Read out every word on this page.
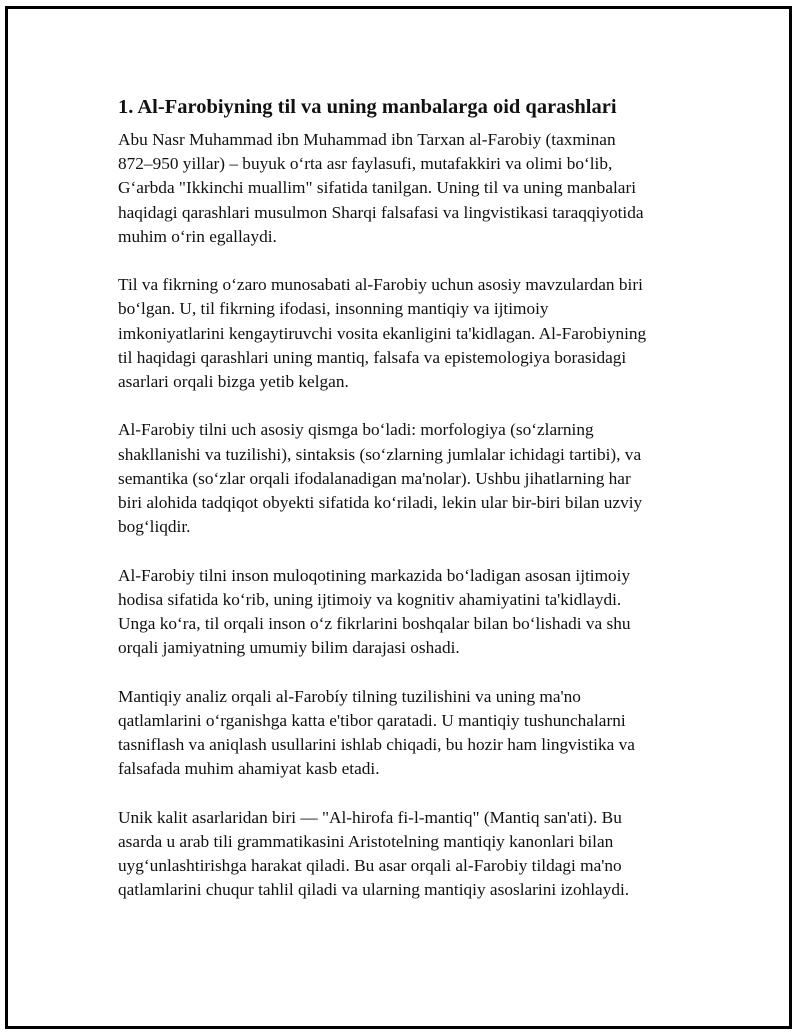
1. Al-Farobiyning til va uning manbalarga oid qarashlari
Abu Nasr Muhammad ibn Muhammad ibn Tarxan al-Farobiy (taxminan
872–950 yillar) – buyuk o‘rta asr faylasufi, mutafakkiri va olimi bo‘lib,
G‘arbda "Ikkinchi muallim" sifatida tanilgan. Uning til va uning manbalari
haqidagi qarashlari musulmon Sharqi falsafasi va lingvistikasi taraqqiyotida
muhim o‘rin egallaydi.
Til va fikrning o‘zaro munosabati al-Farobiy uchun asosiy mavzulardan biri
bo‘lgan. U, til fikrning ifodasi, insonning mantiqiy va ijtimoiy
imkoniyatlarini kengaytiruvchi vosita ekanligini ta'kidlagan. Al-Farobiyning
til haqidagi qarashlari uning mantiq, falsafa va epistemologiya borasidagi
asarlari orqali bizga yetib kelgan.
Al-Farobiy tilni uch asosiy qismga bo‘ladi: morfologiya (so‘zlarning
shakllanishi va tuzilishi), sintaksis (so‘zlarning jumlalar ichidagi tartibi), va
semantika (so‘zlar orqali ifodalanadigan ma'nolar). Ushbu jihatlarning har
biri alohida tadqiqot obyekti sifatida ko‘riladi, lekin ular bir-biri bilan uzviy
bog‘liqdir.
Al-Farobiy tilni inson muloqotining markazida bo‘ladigan asosan ijtimoiy
hodisa sifatida ko‘rib, uning ijtimoiy va kognitiv ahamiyatini ta'kidlaydi.
Unga ko‘ra, til orqali inson o‘z fikrlarini boshqalar bilan bo‘lishadi va shu
orqali jamiyatning umumiy bilim darajasi oshadi.
Mantiqiy analiz orqali al-Farobíy tilning tuzilishini va uning ma'no
qatlamlarini o‘rganishga katta e'tibor qaratadi. U mantiqiy tushunchalarni
tasniflash va aniqlash usullarini ishlab chiqadi, bu hozir ham lingvistika va
falsafada muhim ahamiyat kasb etadi.
Unik kalit asarlaridan biri — "Al-hirofa fi-l-mantiq" (Mantiq san'ati). Bu
asarda u arab tili grammatikasini Aristotelning mantiqiy kanonlari bilan
uyg‘unlashtirishga harakat qiladi. Bu asar orqali al-Farobiy tildagi ma'no
qatlamlarini chuqur tahlil qiladi va ularning mantiqiy asoslarini izohlaydi.
